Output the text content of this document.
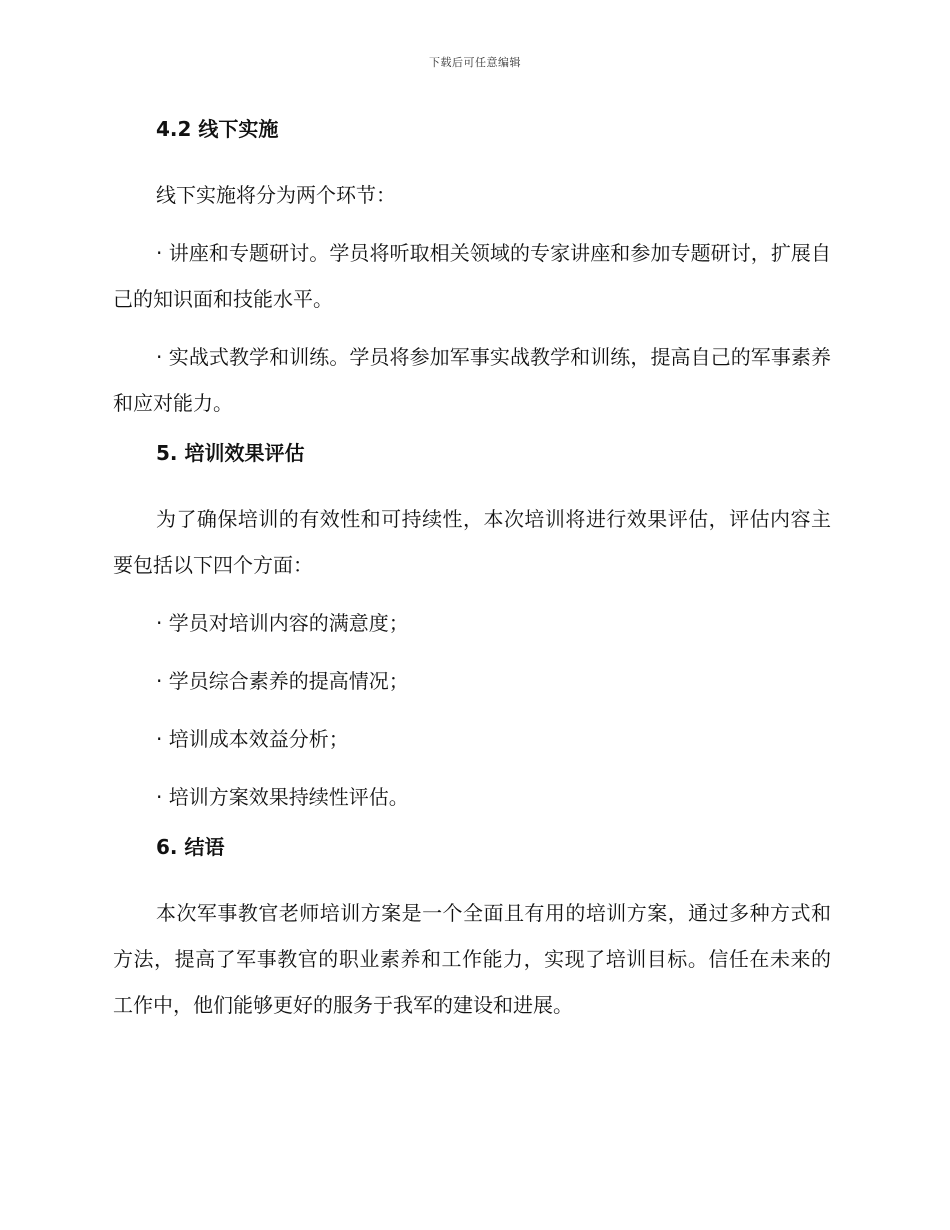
下载后可任意编辑
4.2 线下实施

线下实施将分为两个环节：

· 讲座和专题研讨。学员将听取相关领域的专家讲座和参加专题研讨，扩展自己的知识面和技能水平。

· 实战式教学和训练。学员将参加军事实战教学和训练，提高自己的军事素养和应对能力。

5. 培训效果评估

为了确保培训的有效性和可持续性，本次培训将进行效果评估，评估内容主要包括以下四个方面：

· 学员对培训内容的满意度；

· 学员综合素养的提高情况；

· 培训成本效益分析；

· 培训方案效果持续性评估。

6. 结语

本次军事教官老师培训方案是一个全面且有用的培训方案，通过多种方式和方法，提高了军事教官的职业素养和工作能力，实现了培训目标。信任在未来的工作中，他们能够更好的服务于我军的建设和进展。
